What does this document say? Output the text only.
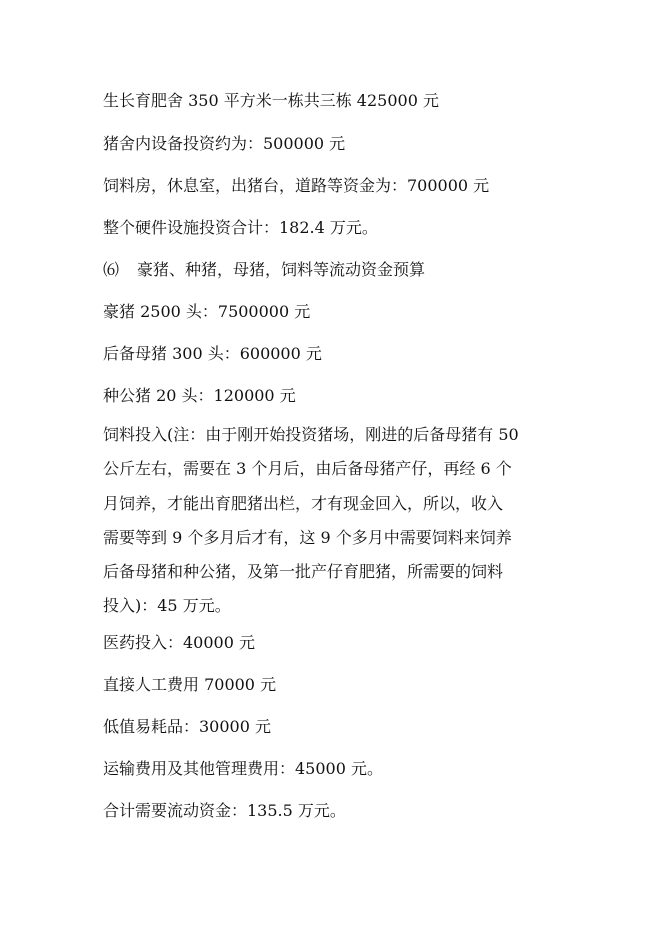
生长育肥舍 350 平方米一栋共三栋 425000 元
猪舍内设备投资约为：500000 元
饲料房，休息室，出猪台，道路等资金为：700000 元
整个硬件设施投资合计：182.4 万元。
⑹ 豪猪、种猪，母猪，饲料等流动资金预算
豪猪 2500 头：7500000 元
后备母猪 300 头：600000 元
种公猪 20 头：120000 元
饲料投入(注：由于刚开始投资猪场，刚进的后备母猪有 50
公斤左右，需要在 3 个月后，由后备母猪产仔，再经 6 个
月饲养，才能出育肥猪出栏，才有现金回入，所以，收入
需要等到 9 个多月后才有，这 9 个多月中需要饲料来饲养
后备母猪和种公猪，及第一批产仔育肥猪，所需要的饲料
投入)：45 万元。
医药投入：40000 元
直接人工费用 70000 元
低值易耗品：30000 元
运输费用及其他管理费用：45000 元。
合计需要流动资金：135.5 万元。
